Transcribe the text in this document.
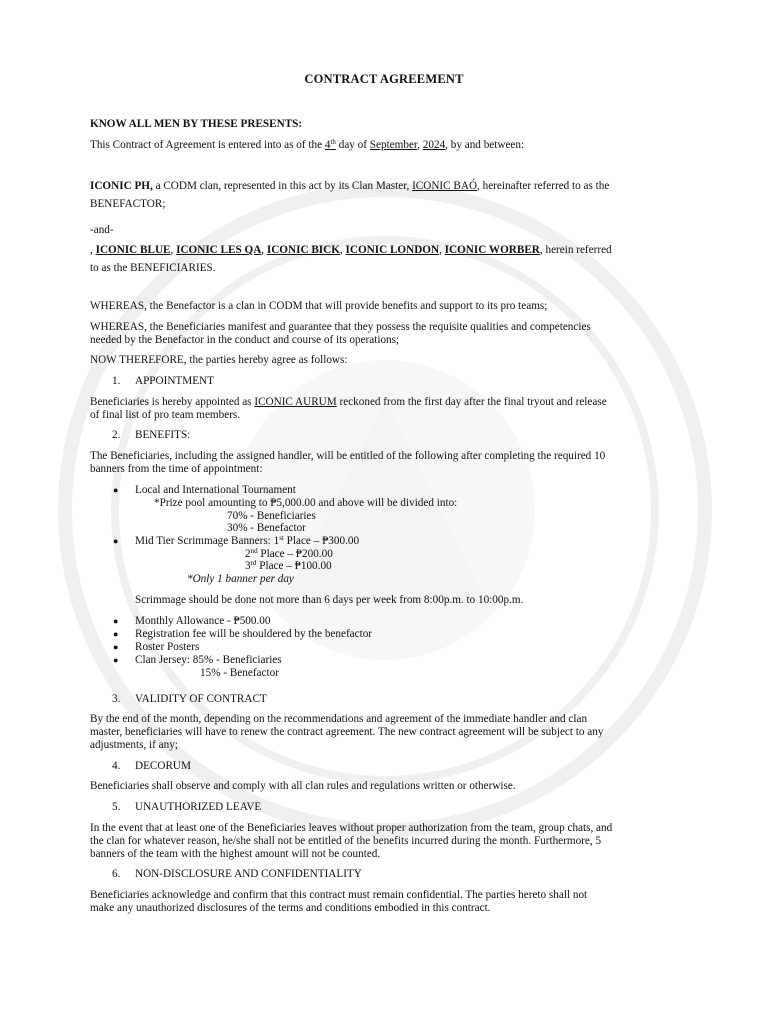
CONTRACT AGREEMENT
KNOW ALL MEN BY THESE PRESENTS:
This Contract of Agreement is entered into as of the 4th day of September, 2024, by and between:
ICONIC PH, a CODM clan, represented in this act by its Clan Master, ICONIC BAÓ, hereinafter referred to as the
BENEFACTOR;
-and-
, ICONIC BLUE, ICONIC LES QA, ICONIC BICK, ICONIC LONDON, ICONIC WORBER, herein referred
to as the BENEFICIARIES.
WHEREAS, the Benefactor is a clan in CODM that will provide benefits and support to its pro teams;
WHEREAS, the Beneficiaries manifest and guarantee that they possess the requisite qualities and competencies
needed by the Benefactor in the conduct and course of its operations;
NOW THEREFORE, the parties hereby agree as follows:
1. APPOINTMENT
Beneficiaries is hereby appointed as ICONIC AURUM reckoned from the first day after the final tryout and release
of final list of pro team members.
2. BENEFITS:
The Beneficiaries, including the assigned handler, will be entitled of the following after completing the required 10
banners from the time of appointment:
● Local and International Tournament
*Prize pool amounting to ₱5,000.00 and above will be divided into:
70% - Beneficiaries
30% - Benefactor
● Mid Tier Scrimmage Banners: 1st Place – ₱300.00
2nd Place – ₱200.00
3rd Place – ₱100.00
*Only 1 banner per day
Scrimmage should be done not more than 6 days per week from 8:00p.m. to 10:00p.m.
● Monthly Allowance - ₱500.00
● Registration fee will be shouldered by the benefactor
● Roster Posters
● Clan Jersey: 85% - Beneficiaries
15% - Benefactor
3. VALIDITY OF CONTRACT
By the end of the month, depending on the recommendations and agreement of the immediate handler and clan
master, beneficiaries will have to renew the contract agreement. The new contract agreement will be subject to any
adjustments, if any;
4. DECORUM
Beneficiaries shall observe and comply with all clan rules and regulations written or otherwise.
5. UNAUTHORIZED LEAVE
In the event that at least one of the Beneficiaries leaves without proper authorization from the team, group chats, and
the clan for whatever reason, he/she shall not be entitled of the benefits incurred during the month. Furthermore, 5
banners of the team with the highest amount will not be counted.
6. NON-DISCLOSURE AND CONFIDENTIALITY
Beneficiaries acknowledge and confirm that this contract must remain confidential. The parties hereto shall not
make any unauthorized disclosures of the terms and conditions embodied in this contract.
